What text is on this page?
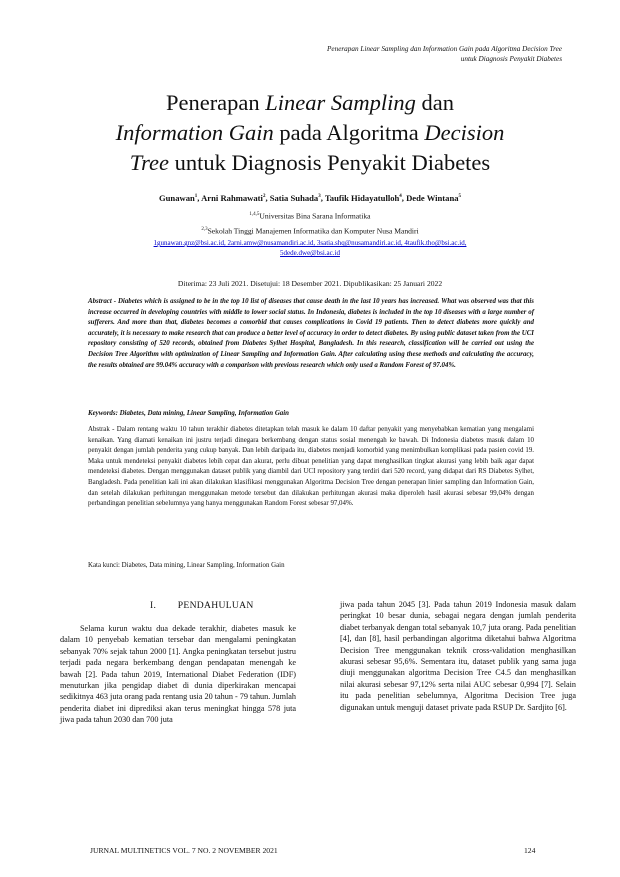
Penerapan Linear Sampling dan Information Gain pada Algoritma Decision Tree
untuk Diagnosis Penyakit Diabetes
Penerapan Linear Sampling dan
Information Gain pada Algoritma Decision
Tree untuk Diagnosis Penyakit Diabetes
Gunawan$^1$, Arni Rahmawati$^2$, Satia Suhada$^3$, Taufik Hidayatulloh$^4$, Dede Wintana$^5$
$^{1,4,5}$Universitas Bina Sarana Informatika
$^{2,3}$Sekolah Tinggi Manajemen Informatika dan Komputer Nusa Mandiri
1gunawan.gnz@bsi.ac.id, 2arni.amw@nusamandiri.ac.id, 3satia.shq@nusamandiri.ac.id, 4taufik.tho@bsi.ac.id,
5dede.dwe@bsi.ac.id
Diterima: 23 Juli 2021. Disetujui: 18 Desember 2021. Dipublikasikan: 25 Januari 2022
Abstract - Diabetes which is assigned to be in the top 10 list of diseases that cause death in the last 10 years has increased. What was observed was that this increase occurred in developing countries with middle to lower social status. In Indonesia, diabetes is included in the top 10 diseases with a large number of sufferers. And more than that, diabetes becomes a comorbid that causes complications in Covid 19 patients. Then to detect diabetes more quickly and accurately, it is necessary to make research that can produce a better level of accuracy in order to detect diabetes. By using public dataset taken from the UCI repository consisting of 520 records, obtained from Diabetes Sylhet Hospital, Bangladesh. In this research, classification will be carried out using the Decision Tree Algorithm with optimization of Linear Sampling and Information Gain. After calculating using these methods and calculating the accuracy, the results obtained are 99.04% accuracy with a comparison with previous research which only used a Random Forest of 97.04%.
Keywords: Diabetes, Data mining, Linear Sampling, Information Gain
Abstrak - Dalam rentang waktu 10 tahun terakhir diabetes ditetapkan telah masuk ke dalam 10 daftar penyakit yang menyebabkan kematian yang mengalami kenaikan. Yang diamati kenaikan ini justru terjadi dinegara berkembang dengan status sosial menengah ke bawah. Di Indonesia diabetes masuk dalam 10 penyakit dengan jumlah penderita yang cukup banyak. Dan lebih daripada itu, diabetes menjadi komorbid yang menimbulkan komplikasi pada pasien covid 19. Maka untuk mendeteksi penyakit diabetes lebih cepat dan akurat, perlu dibuat penelitian yang dapat menghasilkan tingkat akurasi yang lebih baik agar dapat mendeteksi diabetes. Dengan menggunakan dataset publik yang diambil dari UCI repository yang terdiri dari 520 record, yang didapat dari RS Diabetes Sylhet, Bangladesh. Pada penelitian kali ini akan dilakukan klasifikasi menggunakan Algoritma Decision Tree dengan penerapan linier sampling dan Information Gain, dan setelah dilakukan perhitungan menggunakan metode tersebut dan dilakukan perhitungan akurasi maka diperoleh hasil akurasi sebesar 99,04% dengan perbandingan penelitian sebelumnya yang hanya menggunakan Random Forest sebesar 97,04%.
Kata kunci: Diabetes, Data mining, Linear Sampling, Information Gain
I.        PENDAHULUAN

Selama kurun waktu dua dekade terakhir, diabetes masuk ke dalam 10 penyebab kematian tersebar dan mengalami peningkatan sebanyak 70% sejak tahun 2000 [1]. Angka peningkatan tersebut justru terjadi pada negara berkembang dengan pendapatan menengah ke bawah [2]. Pada tahun 2019, International Diabet Federation (IDF) menuturkan jika pengidap diabet di dunia diperkirakan mencapai sedikitnya 463 juta orang pada rentang usia 20 tahun - 79 tahun. Jumlah penderita diabet ini diprediksi akan terus meningkat hingga 578 juta jiwa pada tahun 2030 dan 700 juta

jiwa pada tahun 2045 [3]. Pada tahun 2019 Indonesia masuk dalam peringkat 10 besar dunia, sebagai negara dengan jumlah penderita diabet terbanyak dengan total sebanyak 10,7 juta orang. Pada penelitian [4], dan [8], hasil perbandingan algoritma diketahui bahwa Algoritma Decision Tree menggunakan teknik cross-validation menghasilkan akurasi sebesar 95,6%. Sementara itu, dataset publik yang sama juga diuji menggunakan algoritma Decision Tree C4.5 dan menghasilkan nilai akurasi sebesar 97,12% serta nilai AUC sebesar 0,994 [7]. Selain itu pada penelitian sebelumnya, Algoritma Decision Tree juga digunakan untuk menguji dataset private pada RSUP Dr. Sardjito [6].

JURNAL MULTINETICS VOL. 7 NO. 2 NOVEMBER 2021	124
